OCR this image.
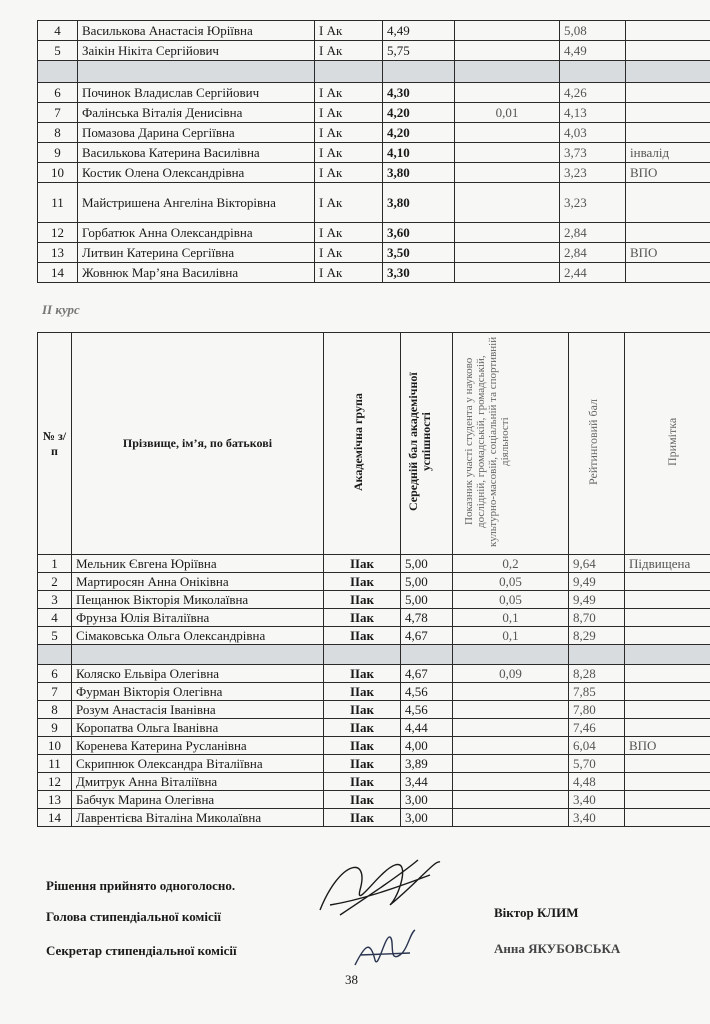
4	Василькова Анастасія Юріївна	І Ак	4,49		5,08	
5	Заікін Нікіта Сергійович	І Ак	5,75		4,49	

6	Починок Владислав Сергійович	І Ак	4,30		4,26	
7	Фалінська Віталія Денисівна	І Ак	4,20	0,01	4,13	
8	Помазова Дарина Сергіївна	І Ак	4,20		4,03	
9	Василькова Катерина Василівна	І Ак	4,10		3,73	інвалід
10	Костик Олена Олександрівна	І Ак	3,80		3,23	ВПО
11	Майстришена Ангеліна Вікторівна	І Ак	3,80		3,23	
12	Горбатюк Анна Олександрівна	І Ак	3,60		2,84	
13	Литвин Катерина Сергіївна	І Ак	3,50		2,84	ВПО
14	Жовнюк Мар’яна Василівна	І Ак	3,30		2,44	
ІІ курс
№ з/п	Прізвище, ім’я, по батькові	Академічна група	Середній бал академічної успішності	Показник участі студента у науково дослідній, громадській, громадській, культурно-масовій, соціальній та спортивній діяльності	Рейтинговий бал	Примітка
1	Мельник Євгена Юріївна	ІІак	5,00	0,2	9,64	Підвищена
2	Мартиросян Анна Оніківна	ІІак	5,00	0,05	9,49	
3	Пещанюк Вікторія Миколаївна	ІІак	5,00	0,05	9,49	
4	Фрунза Юлія Віталіївна	ІІак	4,78	0,1	8,70	
5	Сімаковська Ольга Олександрівна	ІІак	4,67	0,1	8,29	

6	Коляско Ельвіра Олегівна	ІІак	4,67	0,09	8,28	
7	Фурман Вікторія Олегівна	ІІак	4,56		7,85	
8	Розум Анастасія Іванівна	ІІак	4,56		7,80	
9	Коропатва Ольга Іванівна	ІІак	4,44		7,46	
10	Кореневa Катерина Русланівна	ІІак	4,00		6,04	ВПО
11	Скрипнюк Олександра Віталіївна	ІІак	3,89		5,70	
12	Дмитрук Анна Віталіївна	ІІак	3,44		4,48	
13	Бабчук Марина Олегівна	ІІак	3,00		3,40	
14	Лаврентієва Віталіна Миколаївна	ІІак	3,00		3,40	
Рішення прийнято одноголосно.
Голова стипендіальної комісії	Віктор КЛИМ
Секретар стипендіальної комісії	Анна ЯКУБОВСЬКА
38
